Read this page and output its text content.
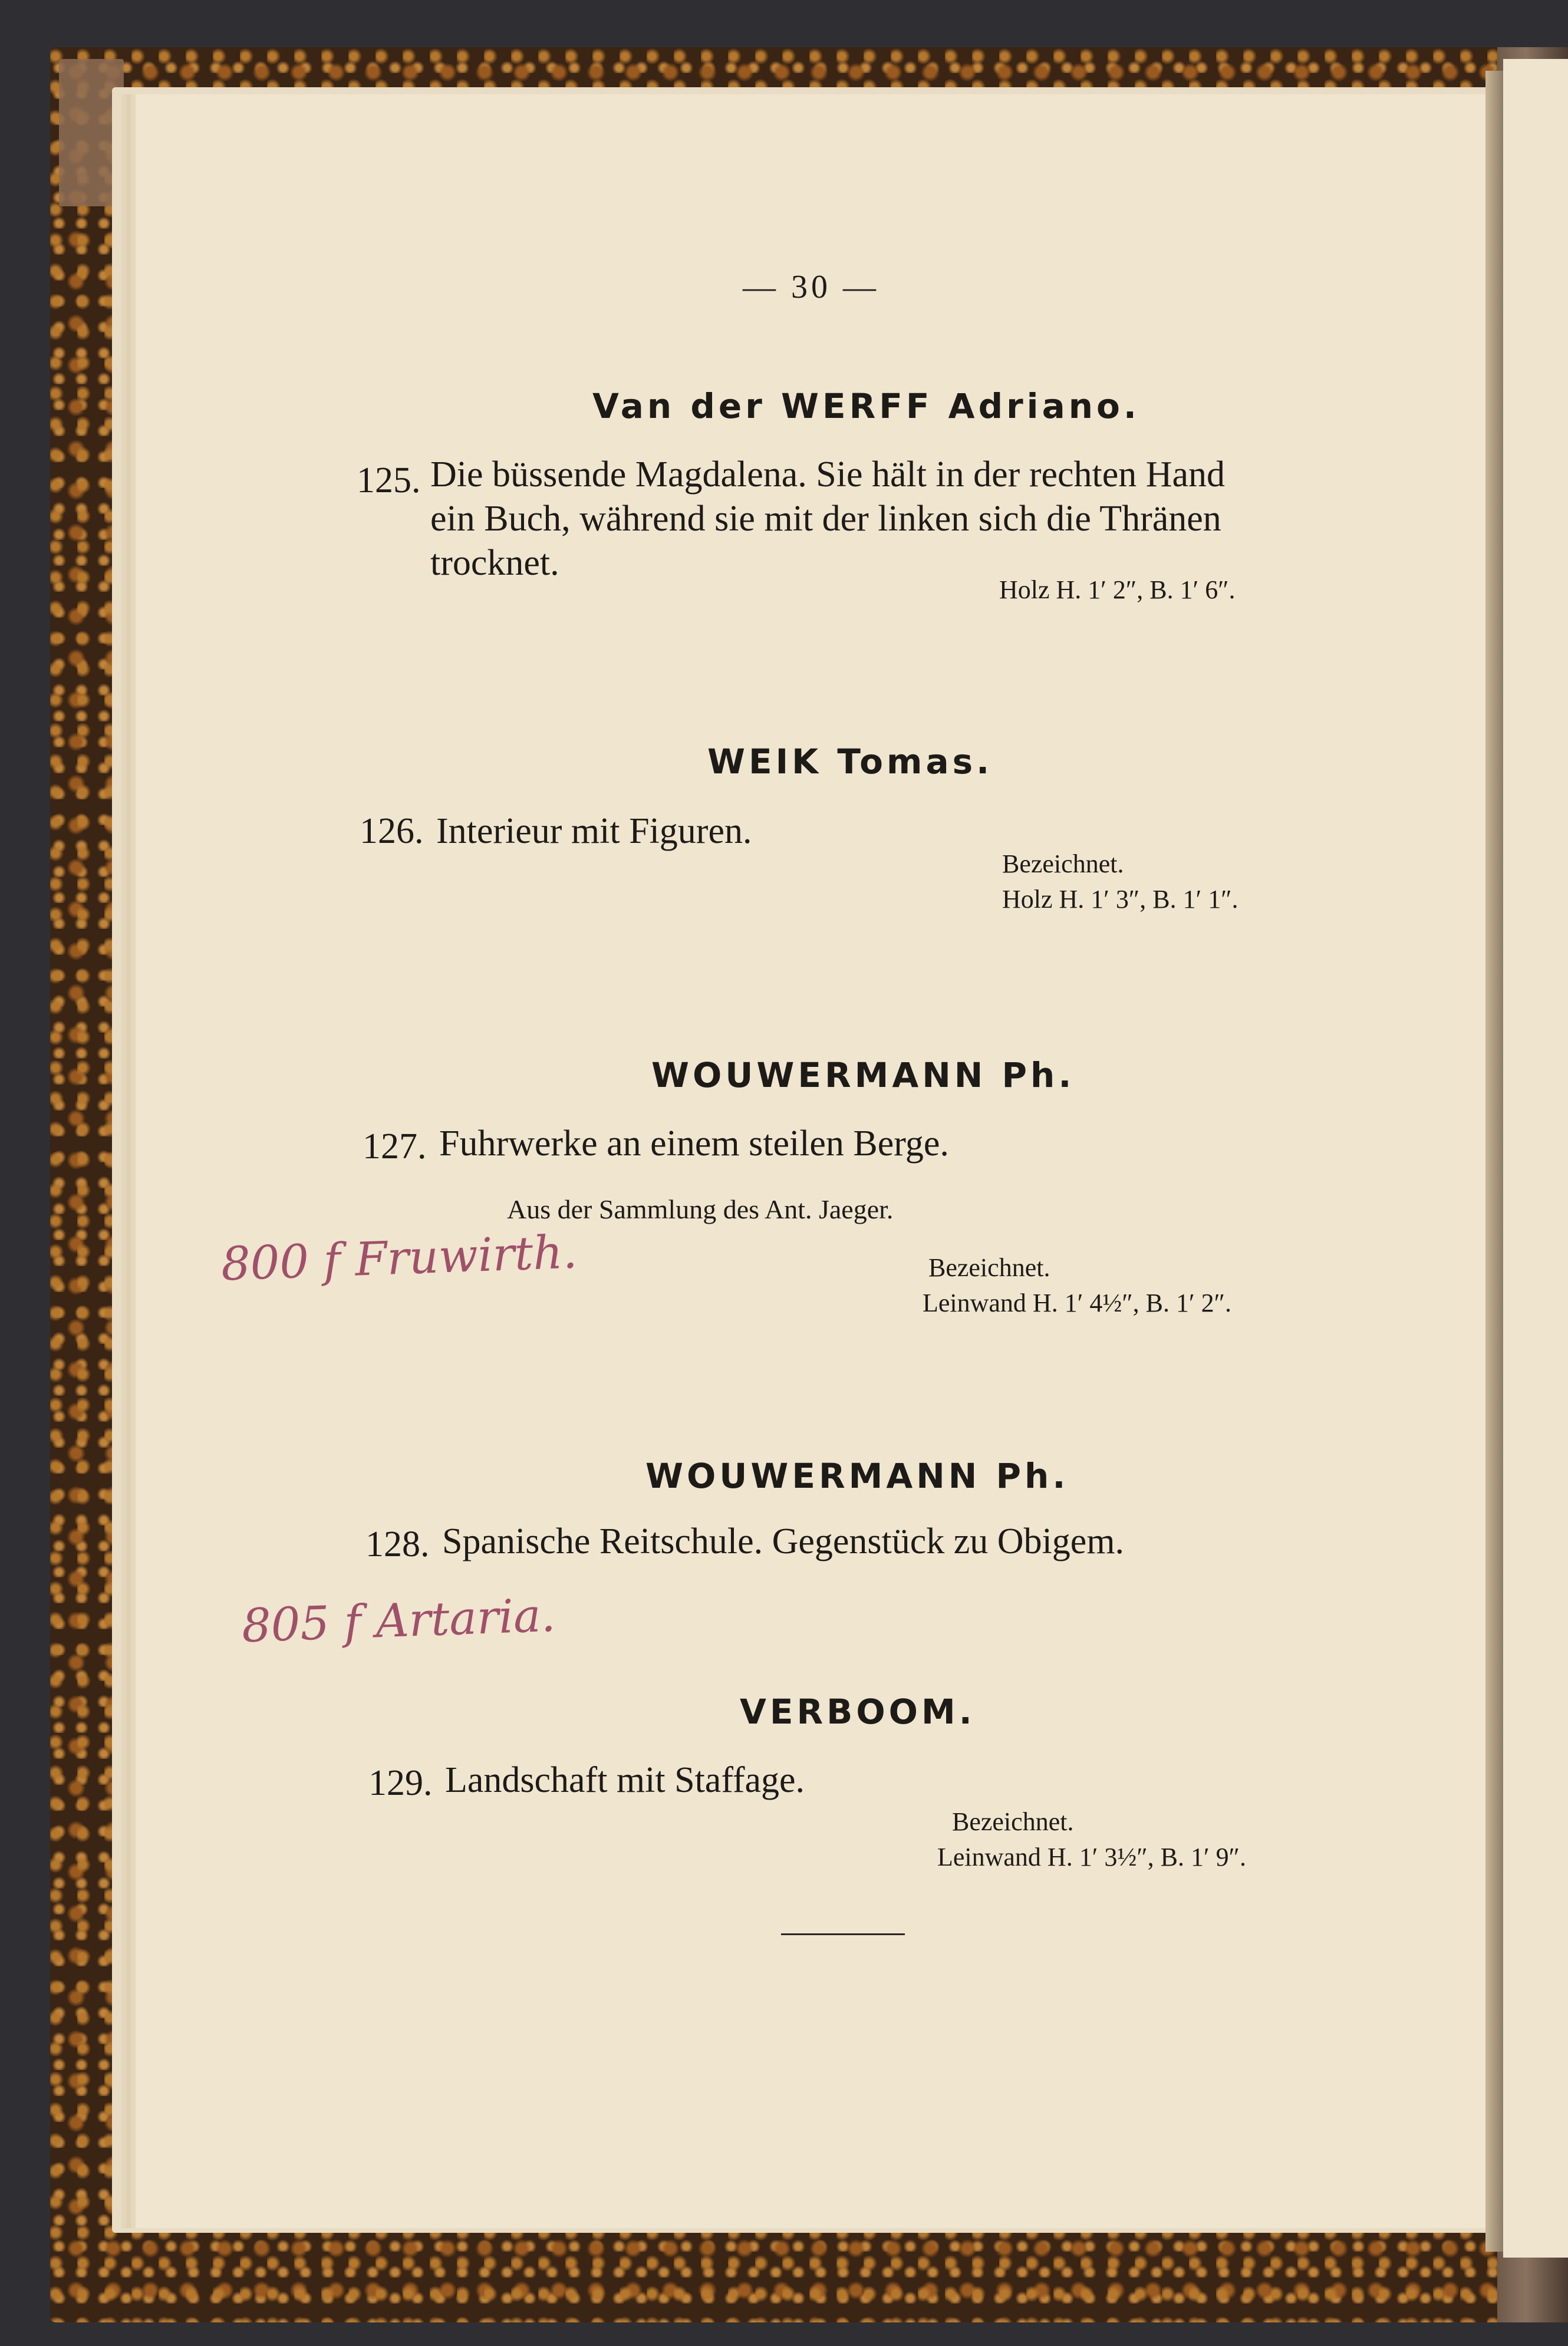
— 30 —
Van der WERFF Adriano.
125. Die büssende Magdalena. Sie hält in der rechten Hand
ein Buch, während sie mit der linken sich die Thränen
trocknet.
Holz H. 1′ 2″, B. 1′ 6″.
WEIK Tomas.
126. Interieur mit Figuren.
Bezeichnet.
Holz H. 1′ 3″, B. 1′ 1″.
WOUWERMANN Ph.
127. Fuhrwerke an einem steilen Berge.
Aus der Sammlung des Ant. Jaeger.
800 f Fruwirth.	Bezeichnet.
Leinwand H. 1′ 4½″, B. 1′ 2″.
WOUWERMANN Ph.
128. Spanische Reitschule. Gegenstück zu Obigem.
805 f Artaria.
VERBOOM.
129. Landschaft mit Staffage.
Bezeichnet.
Leinwand H. 1′ 3½″, B. 1′ 9″.
